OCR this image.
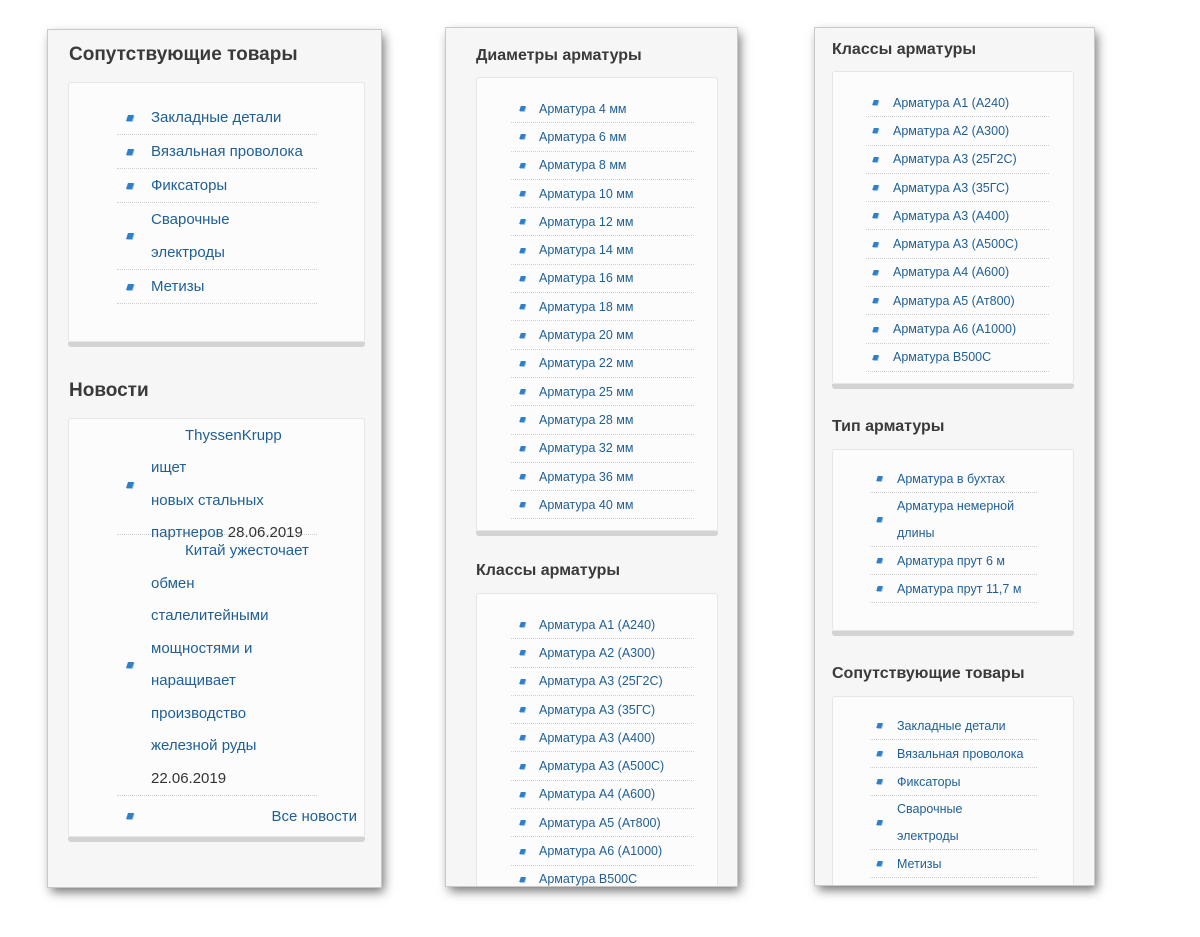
Сопутствующие товары
Закладные детали
Вязальная проволока
Фиксаторы
Сварочные
электроды
Метизы
Новости
ThyssenKrupp ищет
новых стальных
партнеров 28.06.2019
Китай ужесточает
обмен
сталелитейными
мощностями и
наращивает
производство
железной руды
22.06.2019
Все новости
Диаметры арматуры
Арматура 4 мм
Арматура 6 мм
Арматура 8 мм
Арматура 10 мм
Арматура 12 мм
Арматура 14 мм
Арматура 16 мм
Арматура 18 мм
Арматура 20 мм
Арматура 22 мм
Арматура 25 мм
Арматура 28 мм
Арматура 32 мм
Арматура 36 мм
Арматура 40 мм
Классы арматуры
Арматура А1 (А240)
Арматура А2 (А300)
Арматура А3 (25Г2С)
Арматура А3 (35ГС)
Арматура А3 (А400)
Арматура А3 (А500С)
Арматура А4 (А600)
Арматура А5 (Ат800)
Арматура А6 (А1000)
Арматура В500С
Классы арматуры
Арматура А1 (А240)
Арматура А2 (А300)
Арматура А3 (25Г2С)
Арматура А3 (35ГС)
Арматура А3 (А400)
Арматура А3 (А500С)
Арматура А4 (А600)
Арматура А5 (Ат800)
Арматура А6 (А1000)
Арматура В500С
Тип арматуры
Арматура в бухтах
Арматура немерной
длины
Арматура прут 6 м
Арматура прут 11,7 м
Сопутствующие товары
Закладные детали
Вязальная проволока
Фиксаторы
Сварочные
электроды
Метизы
